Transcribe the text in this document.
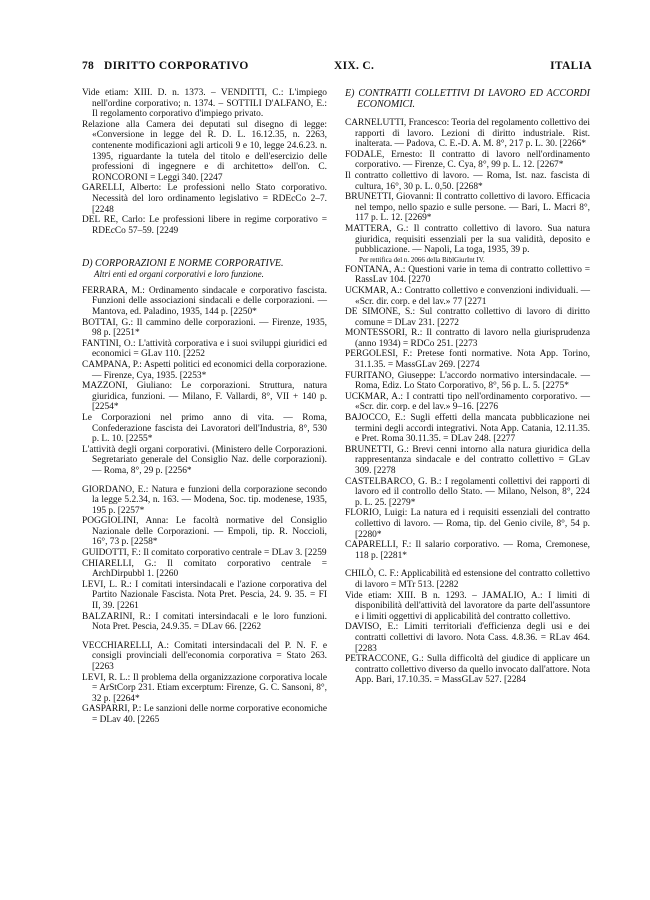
78 DIRITTO CORPORATIVO	XIX. C.	ITALIA

Vide etiam: XIII. D. n. 1373. – VENDITTI, C.: L'impiego nell'ordine corporativo; n. 1374. – SOTTILI D'ALFANO, E.: Il regolamento corporativo d'impiego privato.

Relazione alla Camera dei deputati sul disegno di legge: «Conversione in legge del R. D. L. 16.12.35, n. 2263, contenente modificazioni agli articoli 9 e 10, legge 24.6.23. n. 1395, riguardante la tutela del titolo e dell'esercizio delle professioni di ingegnere e di architetto» dell'on. C. RONCORONI = Leggi 340. [2247

GARELLI, Alberto: Le professioni nello Stato corporativo. Necessità del loro ordinamento legislativo = RDEcCo 2–7. [2248

DEL RE, Carlo: Le professioni libere in regime corporativo = RDEcCo 57–59. [2249

D) CORPORAZIONI E NORME CORPORATIVE.

Altri enti ed organi corporativi e loro funzione.

FERRARA, M.: Ordinamento sindacale e corporativo fascista. Funzioni delle associazioni sindacali e delle corporazioni. — Mantova, ed. Paladino, 1935, 144 p. [2250*

BOTTAI, G.: Il cammino delle corporazioni. — Firenze, 1935, 98 p. [2251*

FANTINI, O.: L'attività corporativa e i suoi sviluppi giuridici ed economici = GLav 110. [2252

CAMPANA, P.: Aspetti politici ed economici della corporazione. — Firenze, Cya, 1935. [2253*

MAZZONI, Giuliano: Le corporazioni. Struttura, natura giuridica, funzioni. — Milano, F. Vallardi, 8°, VII + 140 p. [2254*

Le Corporazioni nel primo anno di vita. — Roma, Confederazione fascista dei Lavoratori dell'Industria, 8°, 530 p. L. 10. [2255*

L'attività degli organi corporativi. (Ministero delle Corporazioni. Segretariato generale del Consiglio Naz. delle corporazioni). — Roma, 8°, 29 p. [2256*

GIORDANO, E.: Natura e funzioni della corporazione secondo la legge 5.2.34, n. 163. — Modena, Soc. tip. modenese, 1935, 195 p. [2257*

POGGIOLINI, Anna: Le facoltà normative del Consiglio Nazionale delle Corporazioni. — Empoli, tip. R. Noccioli, 16°, 73 p. [2258*

GUIDOTTI, F.: Il comitato corporativo centrale = DLav 3. [2259

CHIARELLI, G.: Il comitato corporativo centrale = ArchDirpubbl 1. [2260

LEVI, L. R.: I comitati intersindacali e l'azione corporativa del Partito Nazionale Fascista. Nota Pret. Pescia, 24. 9. 35. = FI II, 39. [2261

BALZARINI, R.: I comitati intersindacali e le loro funzioni. Nota Pret. Pescia, 24.9.35. = DLav 66. [2262

VECCHIARELLI, A.: Comitati intersindacali del P. N. F. e consigli provinciali dell'economia corporativa = Stato 263. [2263

LEVI, R. L.: Il problema della organizzazione corporativa locale = ArStCorp 231. Etiam excerptum: Firenze, G. C. Sansoni, 8°, 32 p. [2264*

GASPARRI, P.: Le sanzioni delle norme corporative economiche = DLav 40. [2265

E) CONTRATTI COLLETTIVI DI LAVORO ED ACCORDI ECONOMICI.

CARNELUTTI, Francesco: Teoria del regolamento collettivo dei rapporti di lavoro. Lezioni di diritto industriale. Rist. inalterata. — Padova, C. E.-D. A. M. 8°, 217 p. L. 30. [2266*

FODALE, Ernesto: Il contratto di lavoro nell'ordinamento corporativo. — Firenze, C. Cya, 8°, 99 p. L. 12. [2267*

Il contratto collettivo di lavoro. — Roma, Ist. naz. fascista di cultura, 16°, 30 p. L. 0,50. [2268*

BRUNETTI, Giovanni: Il contratto collettivo di lavoro. Efficacia nel tempo, nello spazio e sulle persone. — Bari, L. Macri 8°, 117 p. L. 12. [2269*

MATTERA, G.: Il contratto collettivo di lavoro. Sua natura giuridica, requisiti essenziali per la sua validità, deposito e pubblicazione. — Napoli, La toga, 1935, 39 p.

Per rettifica del n. 2066 della BiblGiurInt IV.

FONTANA, A.: Questioni varie in tema di contratto collettivo = RassLav 104. [2270

UCKMAR, A.: Contratto collettivo e convenzioni individuali. — «Scr. dir. corp. e del lav.» 77 [2271

DE SIMONE, S.: Sul contratto collettivo di lavoro di diritto comune = DLav 231. [2272

MONTESSORI, R.: Il contratto di lavoro nella giurisprudenza (anno 1934) = RDCo 251. [2273

PERGOLESI, F.: Pretese fonti normative. Nota App. Torino, 31.1.35. = MassGLav 269. [2274

FURITANO, Giuseppe: L'accordo normativo intersindacale. — Roma, Ediz. Lo Stato Corporativo, 8°, 56 p. L. 5. [2275*

UCKMAR, A.: I contratti tipo nell'ordinamento corporativo. — «Scr. dir. corp. e del lav.» 9–16. [2276

BAJOCCO, E.: Sugli effetti della mancata pubblicazione nei termini degli accordi integrativi. Nota App. Catania, 12.11.35. e Pret. Roma 30.11.35. = DLav 248. [2277

BRUNETTI, G.: Brevi cenni intorno alla natura giuridica della rappresentanza sindacale e del contratto collettivo = GLav 309. [2278

CASTELBARCO, G. B.: I regolamenti collettivi dei rapporti di lavoro ed il controllo dello Stato. — Milano, Nelson, 8°, 224 p. L. 25. [2279*

FLORIO, Luigi: La natura ed i requisiti essenziali del contratto collettivo di lavoro. — Roma, tip. del Genio civile, 8°, 54 p. [2280*

CAPARELLI, F.: Il salario corporativo. — Roma, Cremonese, 118 p. [2281*

CHILÒ, C. F.: Applicabilità ed estensione del contratto collettivo di lavoro = MTr 513. [2282

Vide etiam: XIII. B n. 1293. – JAMALIO, A.: I limiti di disponibilità dell'attività del lavoratore da parte dell'assuntore e i limiti oggettivi di applicabilità del contratto collettivo.

DAVISO, E.: Limiti territoriali d'efficienza degli usi e dei contratti collettivi di lavoro. Nota Cass. 4.8.36. = RLav 464. [2283

PETRACCONE, G.: Sulla difficoltà del giudice di applicare un contratto collettivo diverso da quello invocato dall'attore. Nota App. Bari, 17.10.35. = MassGLav 527. [2284
